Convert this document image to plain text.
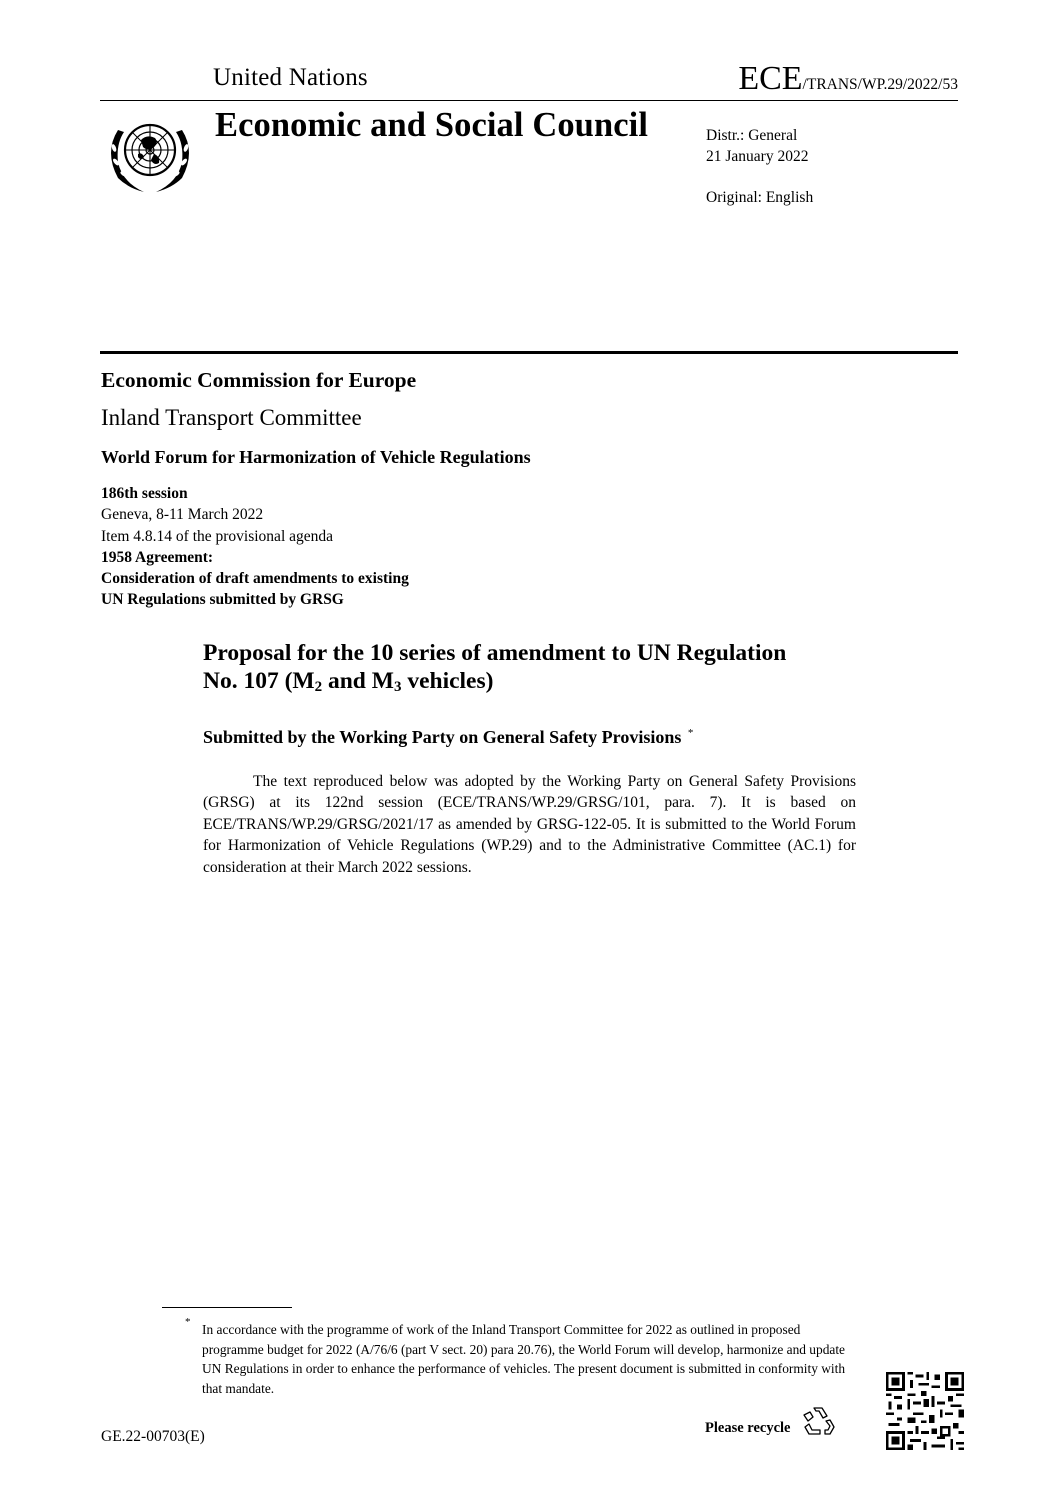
United Nations	ECE/TRANS/WP.29/2022/53
Economic and Social Council	Distr.: General
21 January 2022
Original: English
Economic Commission for Europe
Inland Transport Committee
World Forum for Harmonization of Vehicle Regulations
186th session
Geneva, 8-11 March 2022
Item 4.8.14 of the provisional agenda
1958 Agreement:
Consideration of draft amendments to existing
UN Regulations submitted by GRSG
Proposal for the 10 series of amendment to UN Regulation
No. 107 ($M_2$ and $M_3$ vehicles)
Submitted by the Working Party on General Safety Provisions *

The text reproduced below was adopted by the Working Party on General Safety Provisions (GRSG) at its 122nd session (ECE/TRANS/WP.29/GRSG/101, para. 7). It is based on ECE/TRANS/WP.29/GRSG/2021/17 as amended by GRSG-122-05. It is submitted to the World Forum for Harmonization of Vehicle Regulations (WP.29) and to the Administrative Committee (AC.1) for consideration at their March 2022 sessions.

* In accordance with the programme of work of the Inland Transport Committee for 2022 as outlined in proposed programme budget for 2022 (A/76/6 (part V sect. 20) para 20.76), the World Forum will develop, harmonize and update UN Regulations in order to enhance the performance of vehicles. The present document is submitted in conformity with that mandate.

GE.22-00703(E)	Please recycle
